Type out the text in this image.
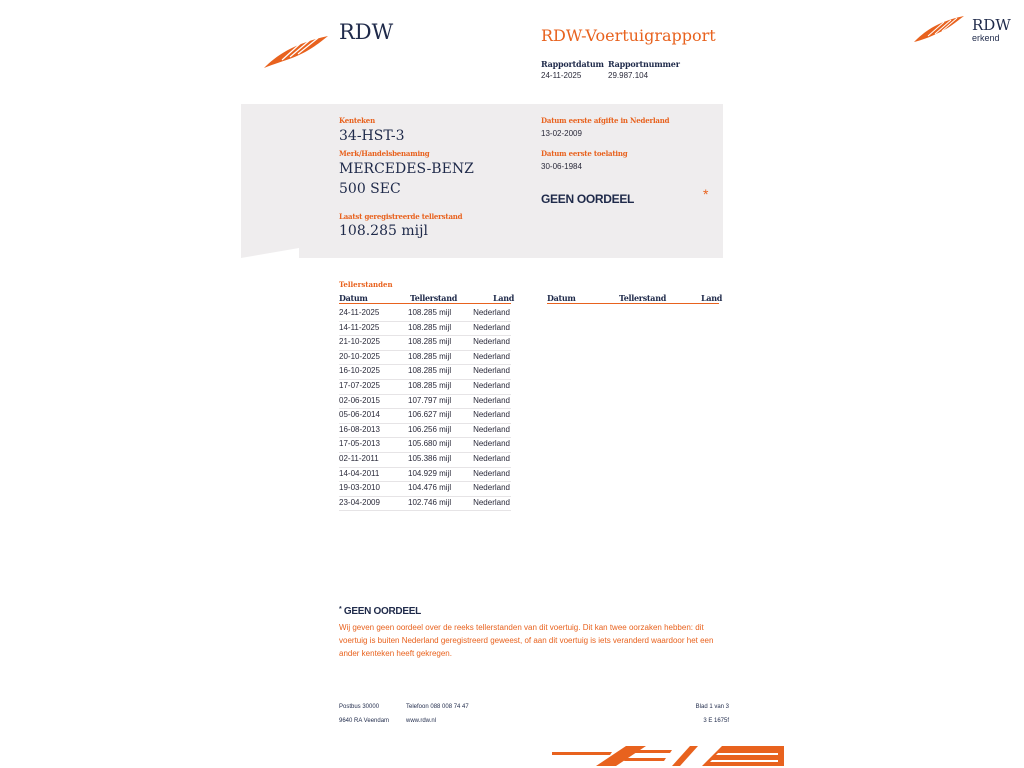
RDW	RDW-Voertuigrapport
Rapportdatum
24-11-2025
Rapportnummer
29.987.104
RDW
erkend
Kenteken
34-HST-3
Merk/Handelsbenaming
MERCEDES-BENZ
500 SEC
Laatst geregistreerde tellerstand
108.285 mijl
Datum eerste afgifte in Nederland
13-02-2009
Datum eerste toelating
30-06-1984
GEEN OORDEEL	*
Tellerstanden
Datum	Tellerstand	Land	Datum	Tellerstand	Land
24-11-2025	108.285 mijl	Nederland
14-11-2025	108.285 mijl	Nederland
21-10-2025	108.285 mijl	Nederland
20-10-2025	108.285 mijl	Nederland
16-10-2025	108.285 mijl	Nederland
17-07-2025	108.285 mijl	Nederland
02-06-2015	107.797 mijl	Nederland
05-06-2014	106.627 mijl	Nederland
16-08-2013	106.256 mijl	Nederland
17-05-2013	105.680 mijl	Nederland
02-11-2011	105.386 mijl	Nederland
14-04-2011	104.929 mijl	Nederland
19-03-2010	104.476 mijl	Nederland
23-04-2009	102.746 mijl	Nederland
* GEEN OORDEEL
Wij geven geen oordeel over de reeks tellerstanden van dit voertuig. Dit kan twee oorzaken hebben: dit voertuig is buiten Nederland geregistreerd geweest, of aan dit voertuig is iets veranderd waardoor het een ander kenteken heeft gekregen.
Postbus 30000
9640 RA Veendam
Telefoon 088 008 74 47
www.rdw.nl
Blad 1 van 3
3 E 1675f
